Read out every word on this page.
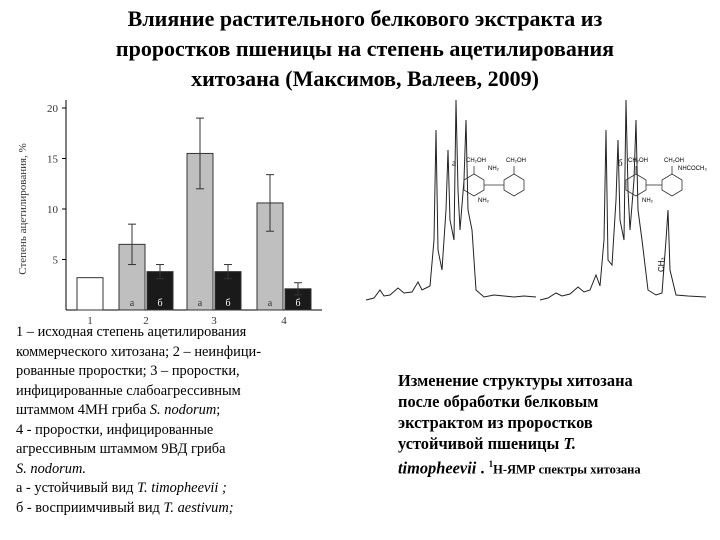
Влияние растительного белкового экстракта из
проростков пшеницы на степень ацетилирования
хитозана (Максимов, Валеев, 2009)
5
10
15
20
Степень ацетилирования, %
а б	а б	а б
1	2	3	4
1 – исходная степень ацетилирования
коммерческого хитозана; 2 – неинфици-
рованные проростки; 3 – проростки,
инфицированные слабоагрессивным
штаммом 4МН гриба S. nodorum;
4 - проростки, инфицированные
агрессивным штаммом 9ВД гриба
S. nodorum.
а - устойчивый вид T. timopheevii ;
б - восприимчивый вид T. aestivum;
а
NH₂
NH₂
CH₂OH	CH₂OH	б
NHCOCH₃
NH₂
CH₂OH	CH₂OH
CH₃
Изменение структуры хитозана
после обработки белковым
экстрактом из проростков
устойчивой пшеницы T.
timopheevii . $^1$Н-ЯМР спектры хитозана
